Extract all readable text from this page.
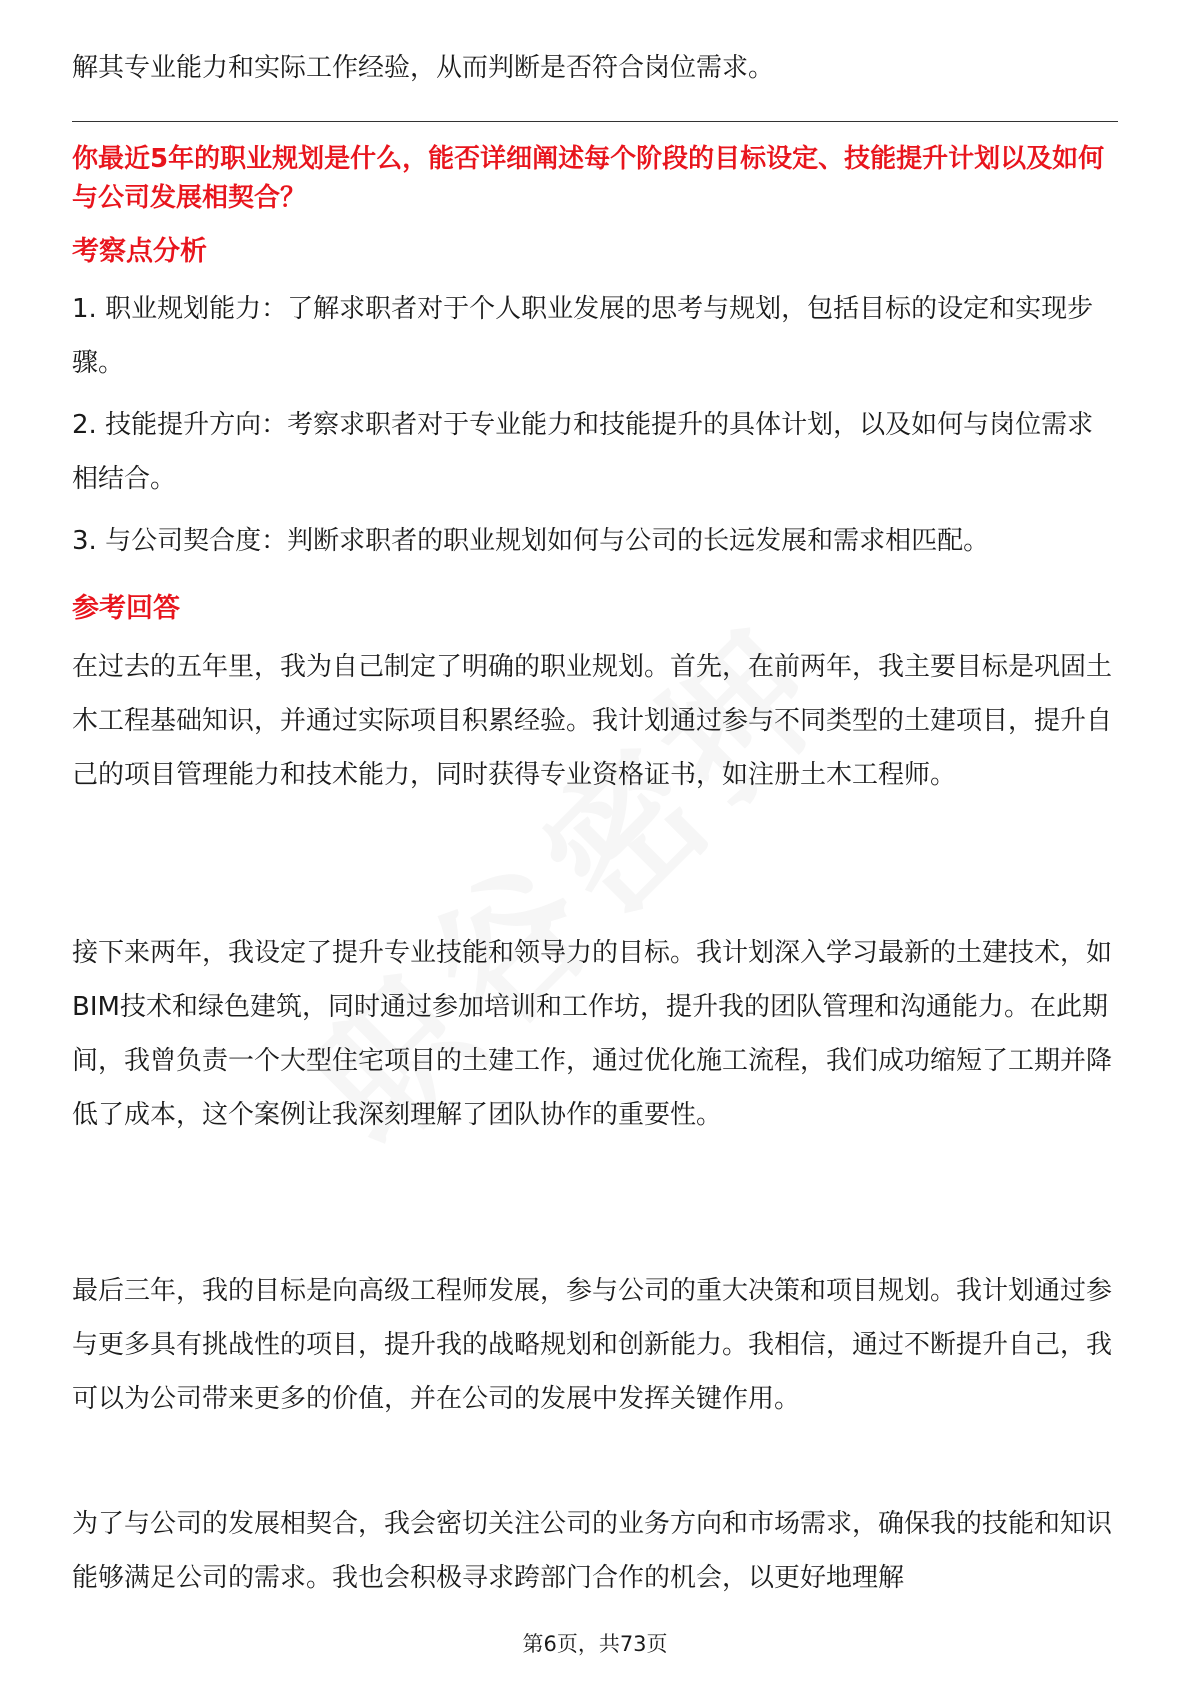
解其专业能力和实际工作经验，从而判断是否符合岗位需求。
你最近5年的职业规划是什么，能否详细阐述每个阶段的目标设定、技能提升计划以及如何与公司发展相契合？
考察点分析
1. 职业规划能力：了解求职者对于个人职业发展的思考与规划，包括目标的设定和实现步骤。
2. 技能提升方向：考察求职者对于专业能力和技能提升的具体计划，以及如何与岗位需求相结合。
3. 与公司契合度：判断求职者的职业规划如何与公司的长远发展和需求相匹配。
参考回答
在过去的五年里，我为自己制定了明确的职业规划。首先，在前两年，我主要目标是巩固土木工程基础知识，并通过实际项目积累经验。我计划通过参与不同类型的土建项目，提升自己的项目管理能力和技术能力，同时获得专业资格证书，如注册土木工程师。
接下来两年，我设定了提升专业技能和领导力的目标。我计划深入学习最新的土建技术，如BIM技术和绿色建筑，同时通过参加培训和工作坊，提升我的团队管理和沟通能力。在此期间，我曾负责一个大型住宅项目的土建工作，通过优化施工流程，我们成功缩短了工期并降低了成本，这个案例让我深刻理解了团队协作的重要性。
最后三年，我的目标是向高级工程师发展，参与公司的重大决策和项目规划。我计划通过参与更多具有挑战性的项目，提升我的战略规划和创新能力。我相信，通过不断提升自己，我可以为公司带来更多的价值，并在公司的发展中发挥关键作用。
为了与公司的发展相契合，我会密切关注公司的业务方向和市场需求，确保我的技能和知识能够满足公司的需求。我也会积极寻求跨部门合作的机会，以更好地理解
第6页，共73页
